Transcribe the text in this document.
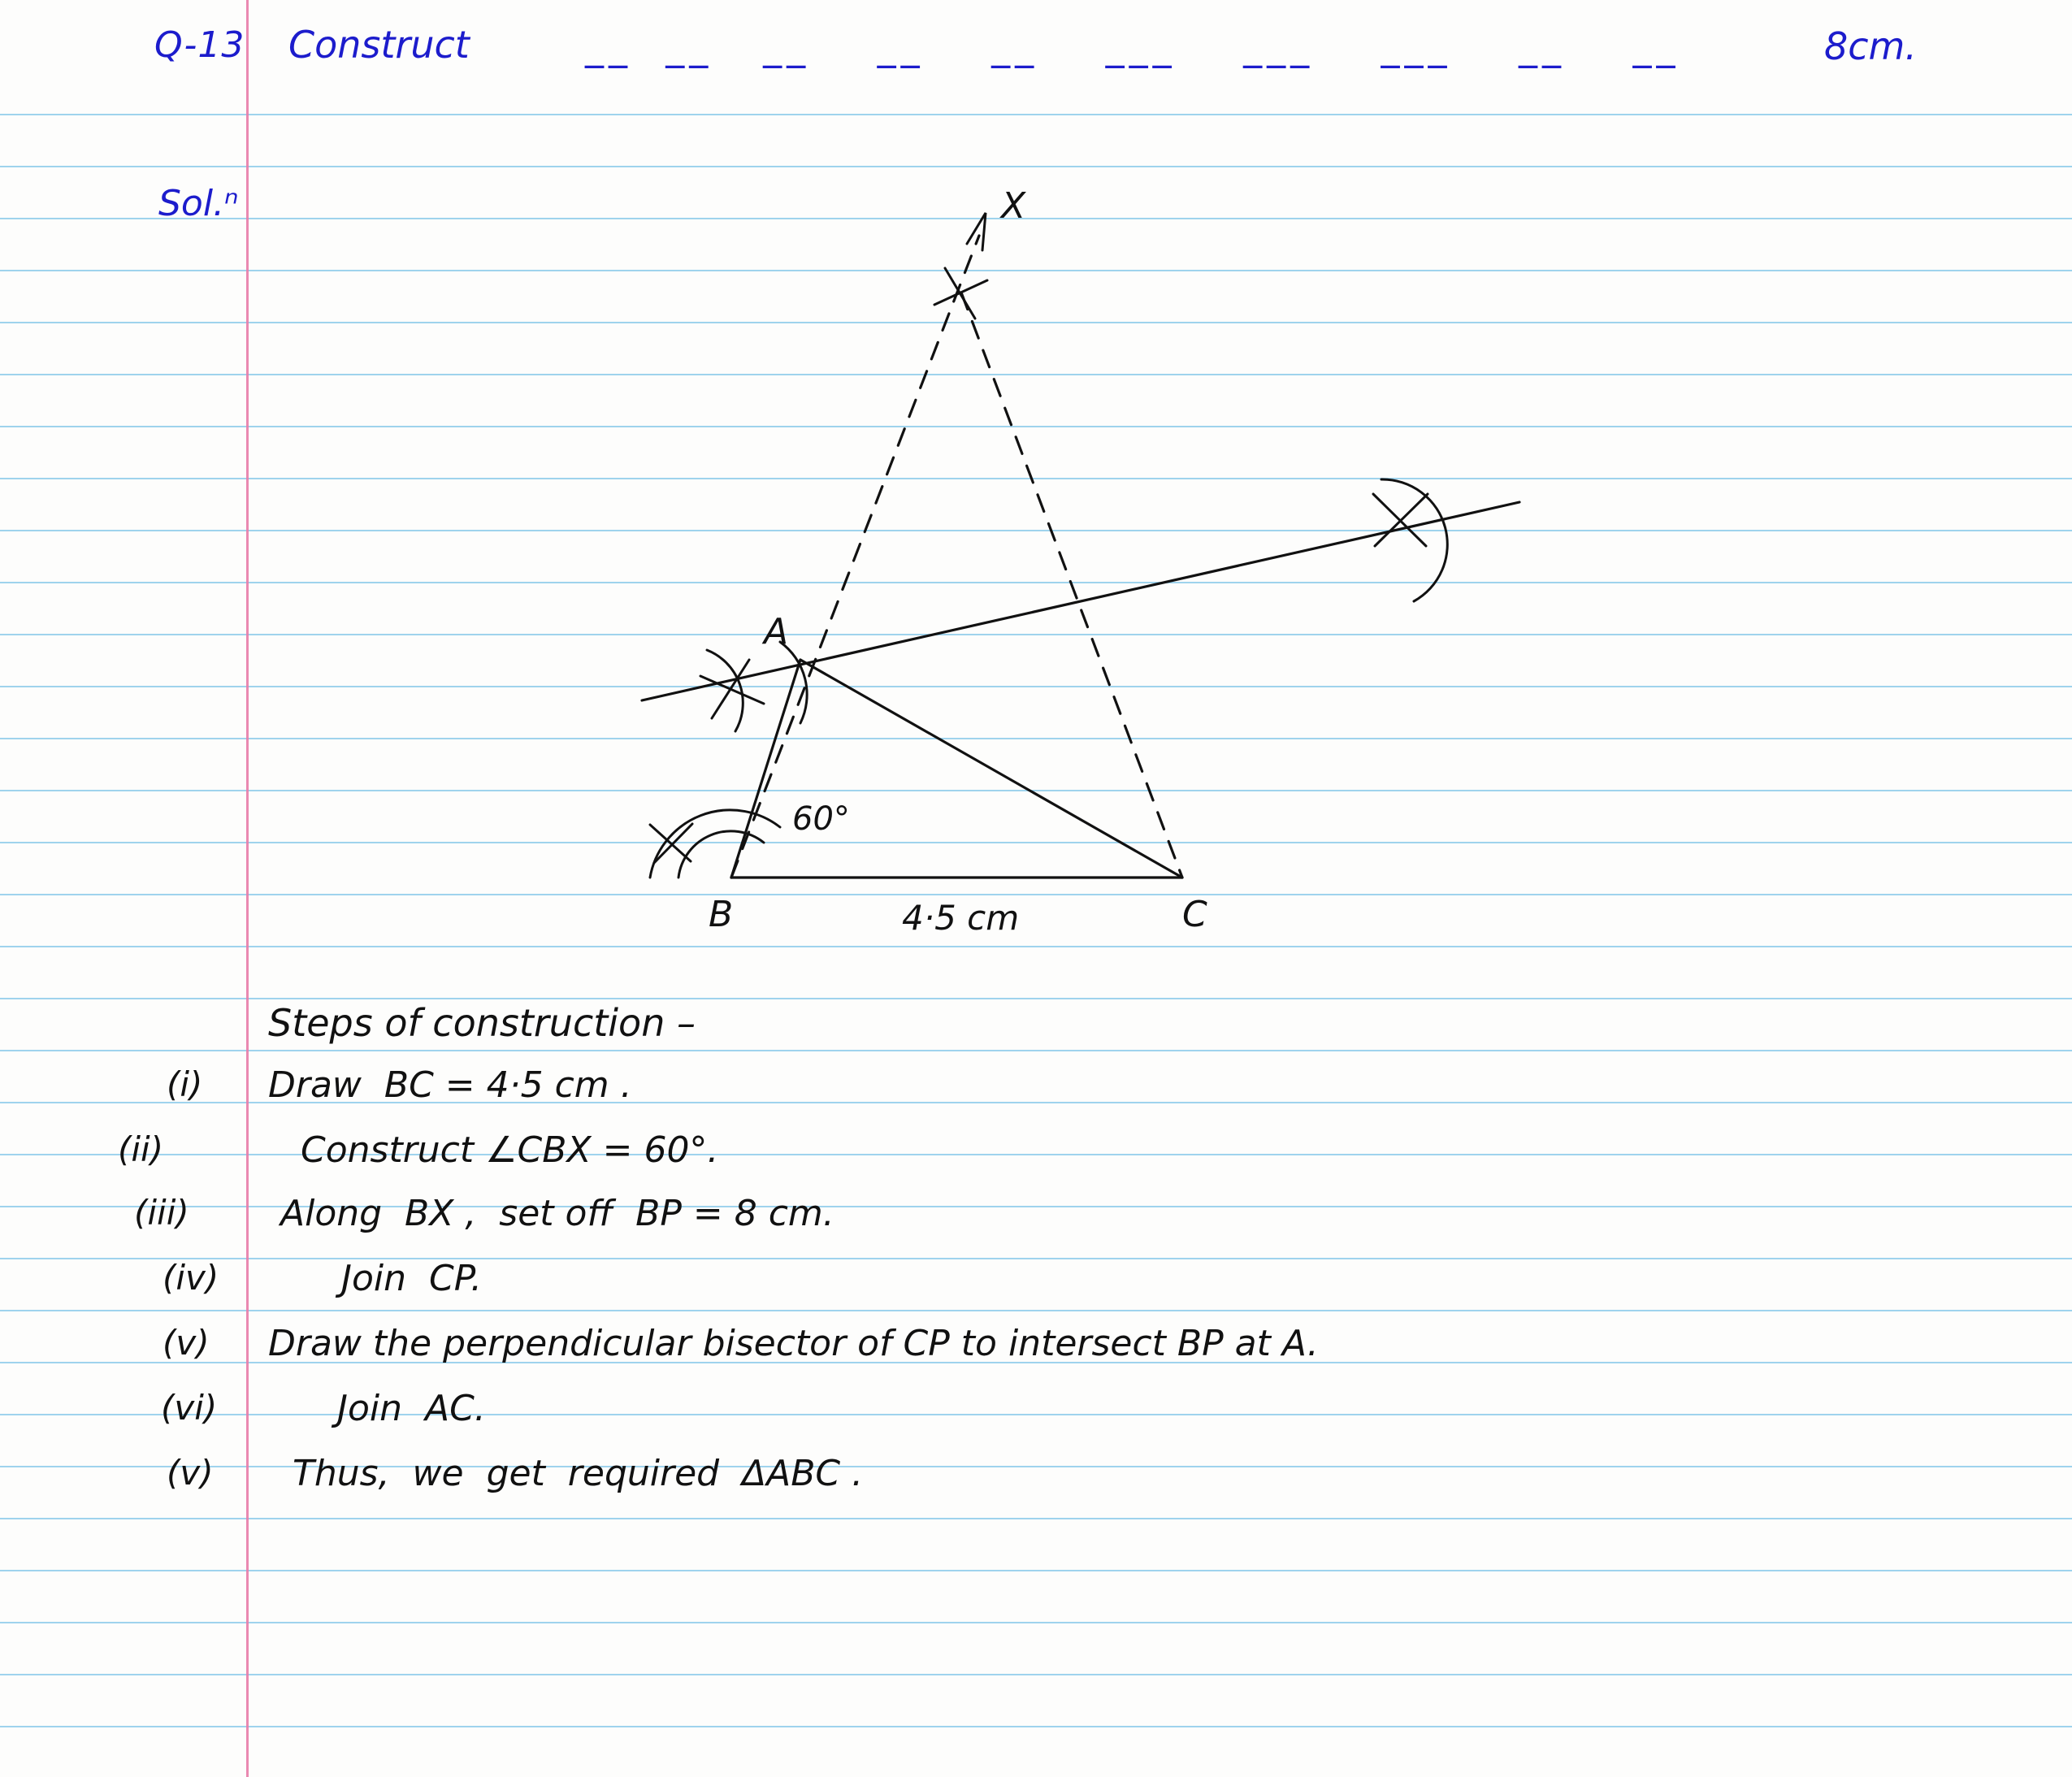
Q-13 Construct	__  __   __    __    __    ___    ___    ___    __    __	8cm.
Sol.ⁿ	X
A
B	C
60°
4·5 cm
Steps of construction –
(i) Draw  BC = 4·5 cm .
(ii)	Construct ∠CBX = 60°.
(iii)	Along  BX ,  set off  BP = 8 cm.
(iv)	Join  CP.
(v) Draw the perpendicular bisector of CP to intersect BP at A.
(vi)	Join  AC.
(v) Thus,  we  get  required  ΔABC .
